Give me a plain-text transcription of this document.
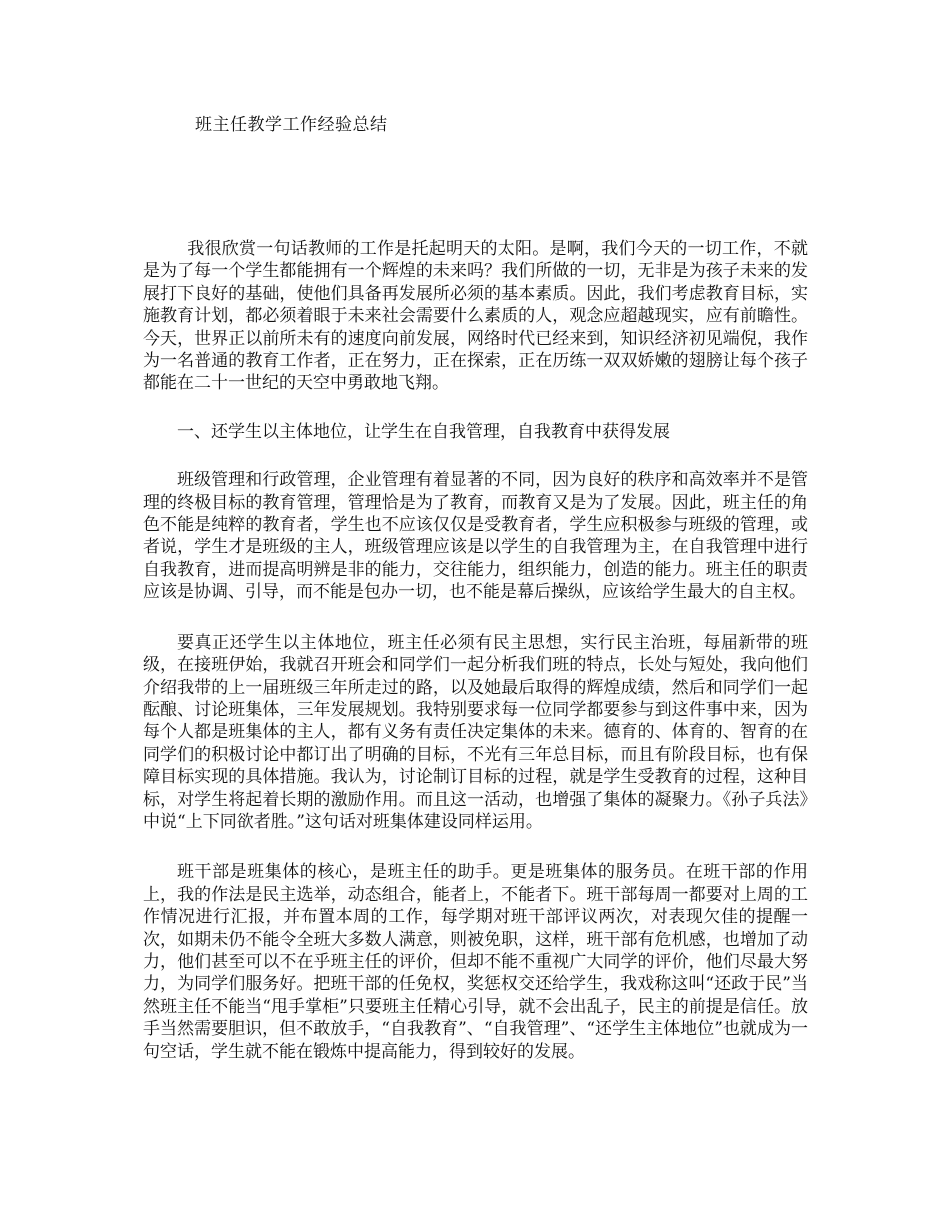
班主任教学工作经验总结

我很欣赏一句话教师的工作是托起明天的太阳。是啊，我们今天的一切工作，不就是为了每一个学生都能拥有一个辉煌的未来吗？我们所做的一切，无非是为孩子未来的发展打下良好的基础，使他们具备再发展所必须的基本素质。因此，我们考虑教育目标，实施教育计划，都必须着眼于未来社会需要什么素质的人，观念应超越现实，应有前瞻性。今天，世界正以前所未有的速度向前发展，网络时代已经来到，知识经济初见端倪，我作为一名普通的教育工作者，正在努力，正在探索，正在历练一双双娇嫩的翅膀让每个孩子都能在二十一世纪的天空中勇敢地飞翔。

一、还学生以主体地位，让学生在自我管理，自我教育中获得发展

班级管理和行政管理，企业管理有着显著的不同，因为良好的秩序和高效率并不是管理的终极目标的教育管理，管理恰是为了教育，而教育又是为了发展。因此，班主任的角色不能是纯粹的教育者，学生也不应该仅仅是受教育者，学生应积极参与班级的管理，或者说，学生才是班级的主人，班级管理应该是以学生的自我管理为主，在自我管理中进行自我教育，进而提高明辨是非的能力，交往能力，组织能力，创造的能力。班主任的职责应该是协调、引导，而不能是包办一切，也不能是幕后操纵，应该给学生最大的自主权。

要真正还学生以主体地位，班主任必须有民主思想，实行民主治班，每届新带的班级，在接班伊始，我就召开班会和同学们一起分析我们班的特点，长处与短处，我向他们介绍我带的上一届班级三年所走过的路，以及她最后取得的辉煌成绩，然后和同学们一起酝酿、讨论班集体，三年发展规划。我特别要求每一位同学都要参与到这件事中来，因为每个人都是班集体的主人，都有义务有责任决定集体的未来。德育的、体育的、智育的在同学们的积极讨论中都订出了明确的目标，不光有三年总目标，而且有阶段目标，也有保障目标实现的具体措施。我认为，讨论制订目标的过程，就是学生受教育的过程，这种目标，对学生将起着长期的激励作用。而且这一活动，也增强了集体的凝聚力。《孙子兵法》中说“上下同欲者胜。”这句话对班集体建设同样运用。

班干部是班集体的核心，是班主任的助手。更是班集体的服务员。在班干部的作用上，我的作法是民主选举，动态组合，能者上，不能者下。班干部每周一都要对上周的工作情况进行汇报，并布置本周的工作，每学期对班干部评议两次，对表现欠佳的提醒一次，如期未仍不能令全班大多数人满意，则被免职，这样，班干部有危机感，也增加了动力，他们甚至可以不在乎班主任的评价，但却不能不重视广大同学的评价，他们尽最大努力，为同学们服务好。把班干部的任免权，奖惩权交还给学生，我戏称这叫“还政于民”当然班主任不能当“甩手掌柜”只要班主任精心引导，就不会出乱子，民主的前提是信任。放手当然需要胆识，但不敢放手，“自我教育”、“自我管理”、“还学生主体地位”也就成为一句空话，学生就不能在锻炼中提高能力，得到较好的发展。
